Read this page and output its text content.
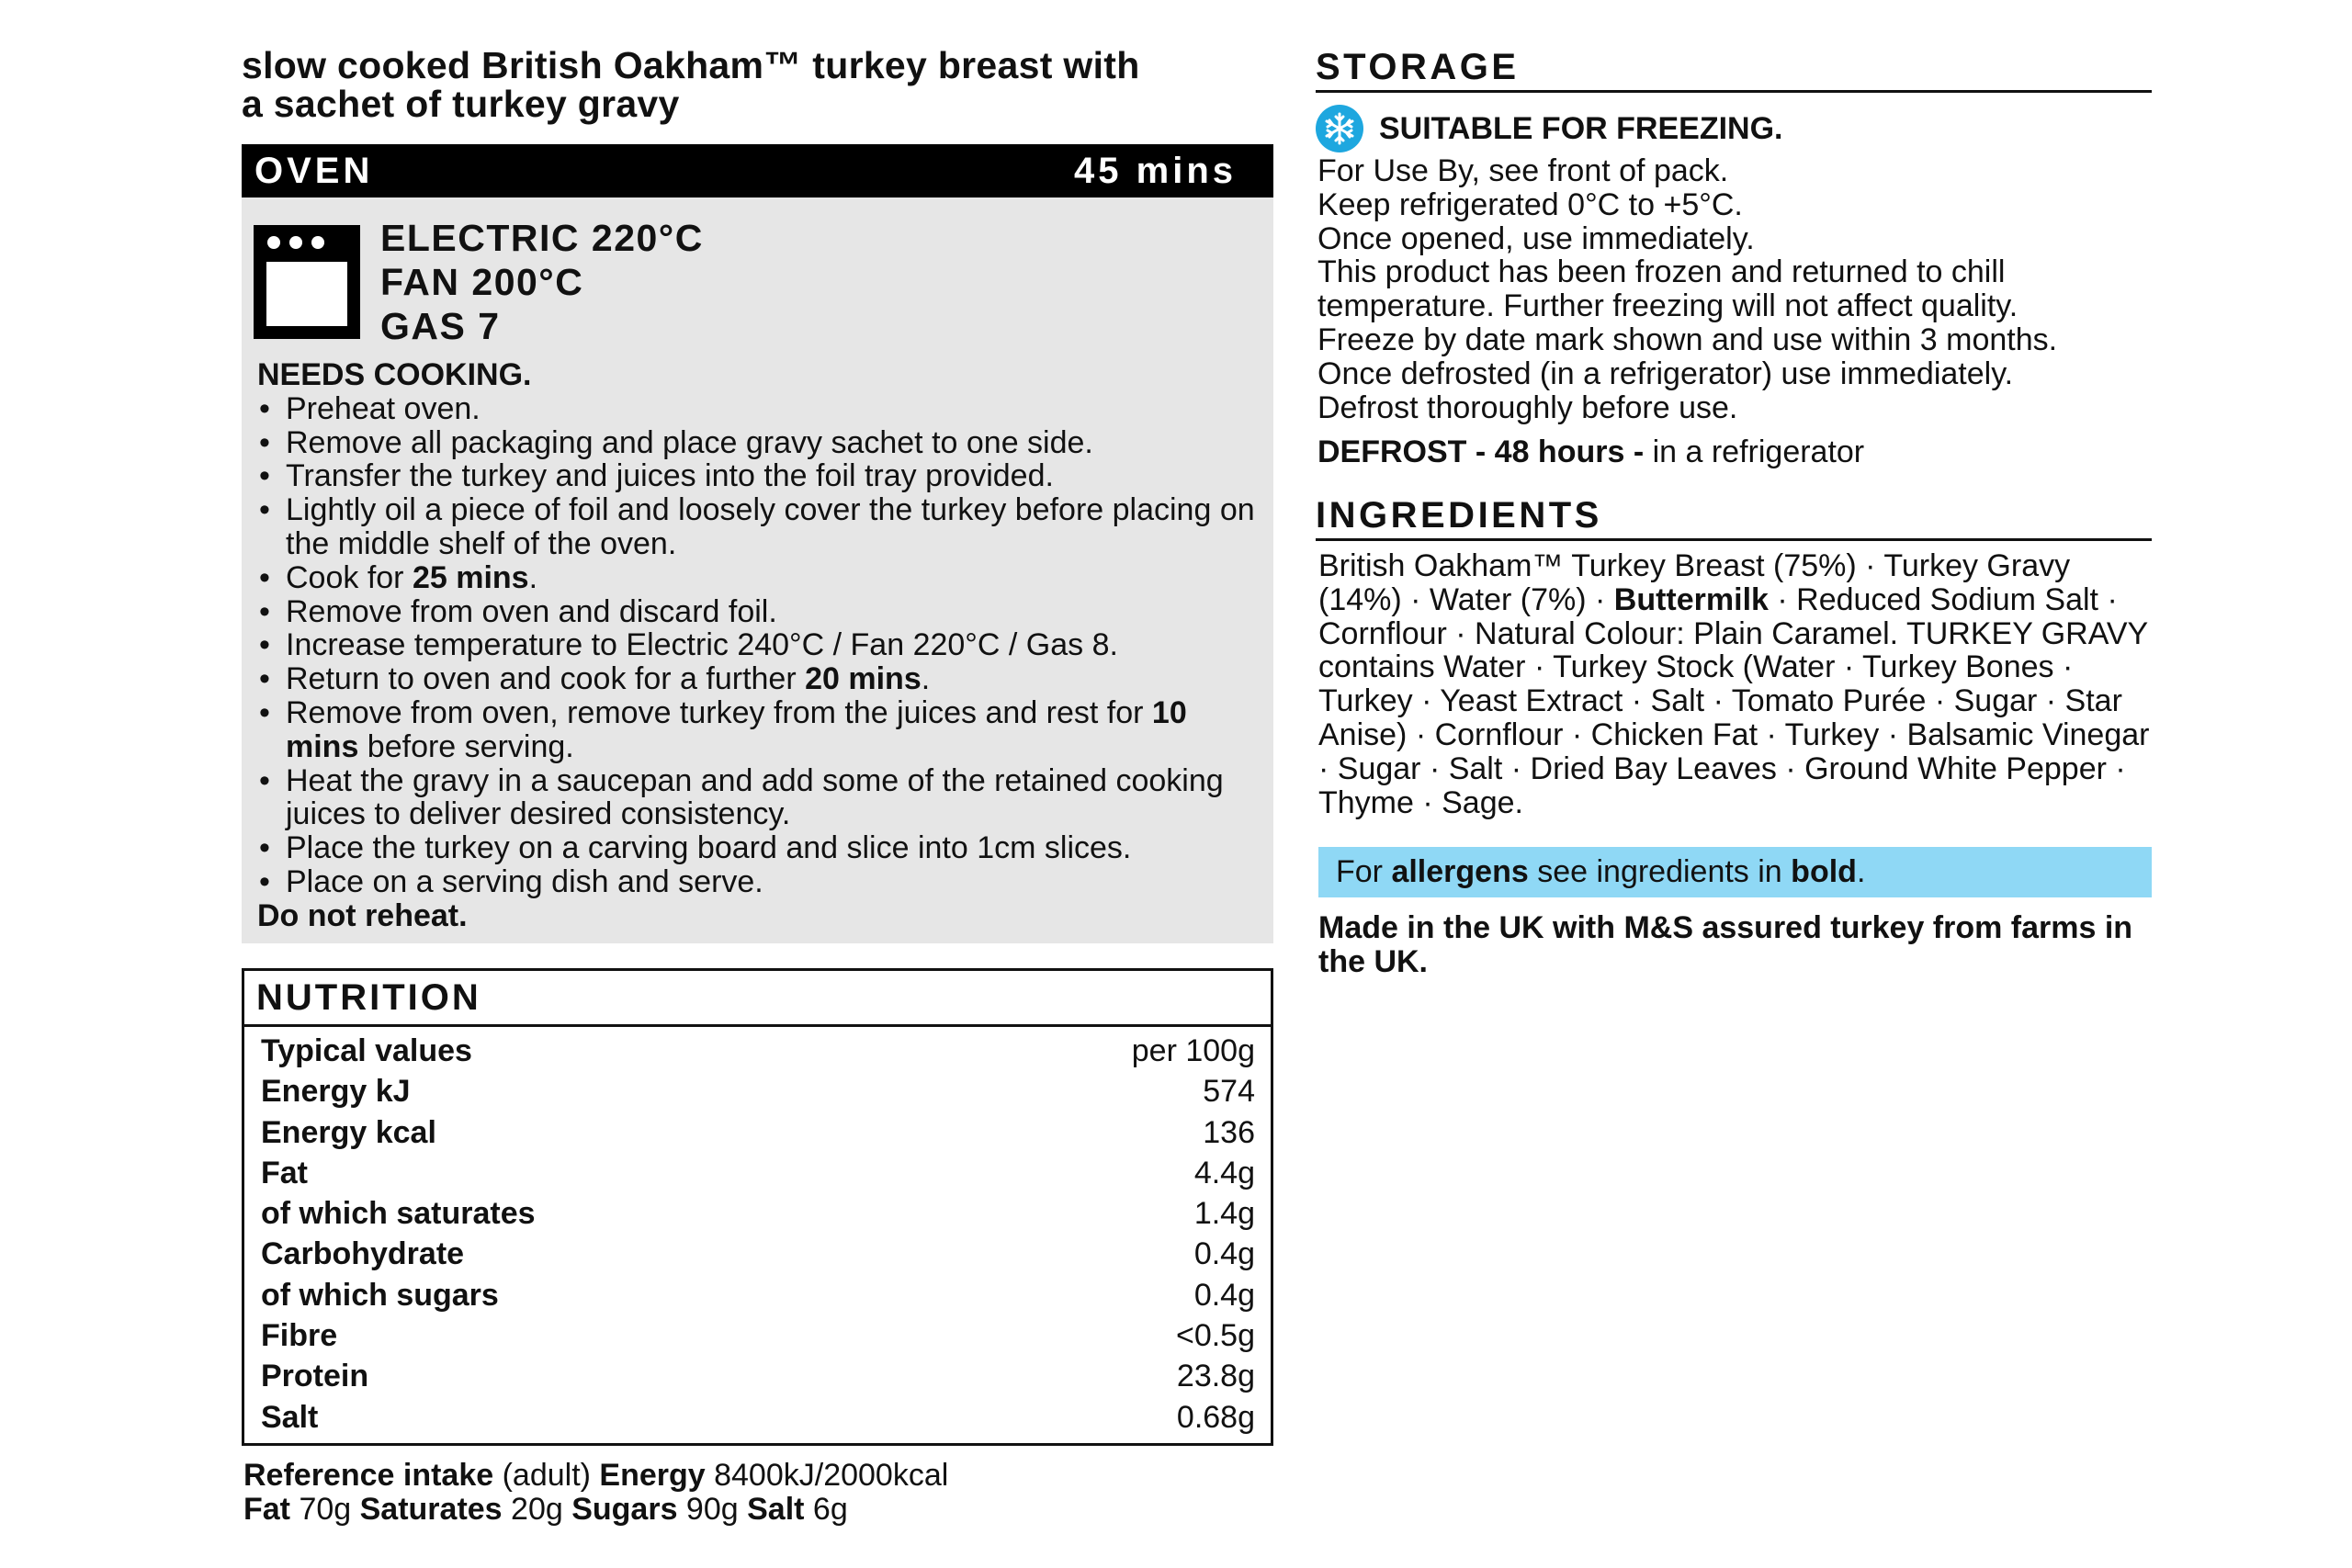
slow cooked British Oakham™ turkey breast with
a sachet of turkey gravy
OVEN	45 mins
ELECTRIC 220°C
FAN 200°C
GAS 7
NEEDS COOKING.
• Preheat oven.
• Remove all packaging and place gravy sachet to one side.
• Transfer the turkey and juices into the foil tray provided.
• Lightly oil a piece of foil and loosely cover the turkey before placing on the middle shelf of the oven.
• Cook for 25 mins.
• Remove from oven and discard foil.
• Increase temperature to Electric 240°C / Fan 220°C / Gas 8.
• Return to oven and cook for a further 20 mins.
• Remove from oven, remove turkey from the juices and rest for 10 mins before serving.
• Heat the gravy in a saucepan and add some of the retained cooking juices to deliver desired consistency.
• Place the turkey on a carving board and slice into 1cm slices.
• Place on a serving dish and serve.
Do not reheat.
NUTRITION
Typical values	per 100g
Energy kJ	574
Energy kcal	136
Fat	4.4g
of which saturates	1.4g
Carbohydrate	0.4g
of which sugars	0.4g
Fibre	<0.5g
Protein	23.8g
Salt	0.68g
Reference intake (adult) Energy 8400kJ/2000kcal
Fat 70g Saturates 20g Sugars 90g Salt 6g
STORAGE
SUITABLE FOR FREEZING.
For Use By, see front of pack.
Keep refrigerated 0°C to +5°C.
Once opened, use immediately.
This product has been frozen and returned to chill temperature. Further freezing will not affect quality.
Freeze by date mark shown and use within 3 months.
Once defrosted (in a refrigerator) use immediately.
Defrost thoroughly before use.
DEFROST - 48 hours - in a refrigerator
INGREDIENTS
British Oakham™ Turkey Breast (75%) · Turkey Gravy (14%) · Water (7%) · Buttermilk · Reduced Sodium Salt · Cornflour · Natural Colour: Plain Caramel. TURKEY GRAVY contains Water · Turkey Stock (Water · Turkey Bones · Turkey · Yeast Extract · Salt · Tomato Purée · Sugar · Star Anise) · Cornflour · Chicken Fat · Turkey · Balsamic Vinegar · Sugar · Salt · Dried Bay Leaves · Ground White Pepper · Thyme · Sage.
For allergens see ingredients in bold.
Made in the UK with M&S assured turkey from farms in the UK.
